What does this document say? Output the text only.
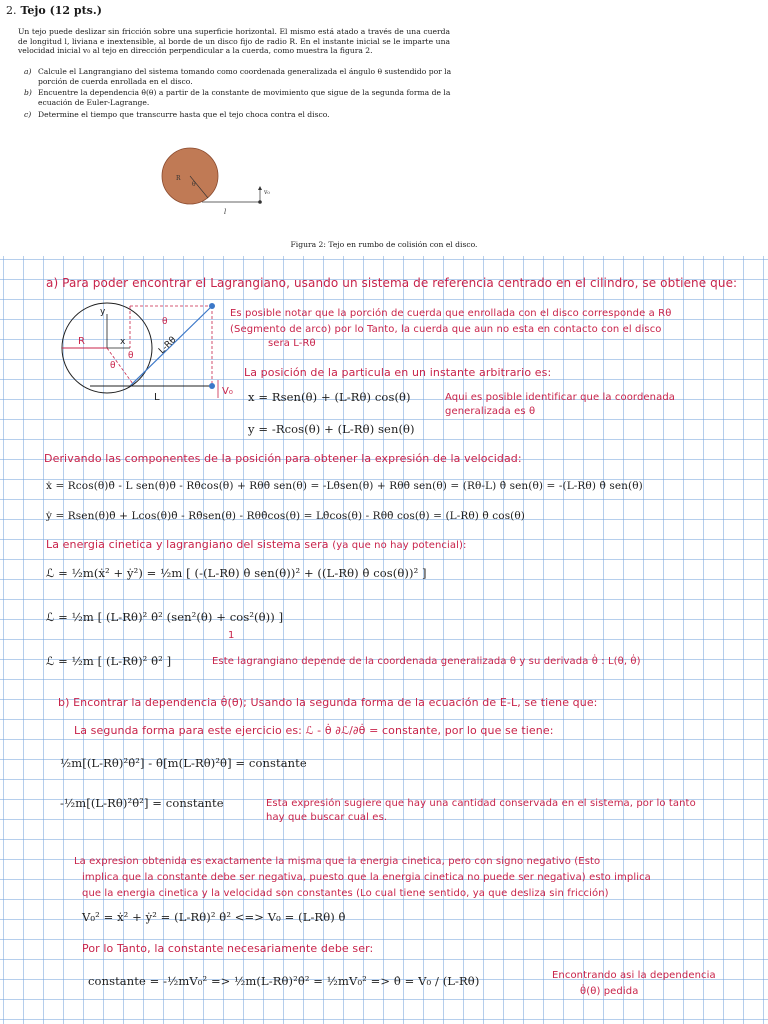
2. Tejo (12 pts.)
Un tejo puede deslizar sin fricción sobre una superficie horizontal. El mismo está atado a través de una cuerda de longitud l, liviana e inextensible, al borde de un disco fijo de radio R. En el instante inicial se le imparte una velocidad inicial v₀ al tejo en dirección perpendicular a la cuerda, como muestra la figura 2.
a) Calcule el Langrangiano del sistema tomando como coordenada generalizada el ángulo θ sustendido por la porción de cuerda enrollada en el disco.
b) Encuentre la dependencia θ̇(θ) a partir de la constante de movimiento que sigue de la segunda forma de la ecuación de Euler-Lagrange.
c) Determine el tiempo que transcurre hasta que el tejo choca contra el disco.
θ
R
l
v₀
Figura 2: Tejo en rumbo de colisión con el disco.
a) Para poder encontrar el Lagrangiano, usando un sistema de referencia centrado en el cilindro, se obtiene que:
y
x
R
θ
θ
θ
L-Rθ
L
V₀
Es posible notar que la porción de cuerda que enrollada con el disco corresponde a Rθ
(Segmento de arco) por lo Tanto, la cuerda que aun no esta en contacto con el disco
sera L-Rθ
La posición de la particula en un instante arbitrario es:
x = Rsen(θ) + (L-Rθ) cos(θ)
y = -Rcos(θ) + (L-Rθ) sen(θ)
Aqui es posible identificar que la coordenada
generalizada es θ
Derivando las componentes de la posición para obtener la expresión de la velocidad:
ẋ = Rcos(θ)θ̇ - L sen(θ)θ̇ - Rθ̇cos(θ) + Rθθ̇ sen(θ) = -Lθ̇sen(θ) + Rθθ̇ sen(θ) = (Rθ-L) θ̇ sen(θ) = -(L-Rθ) θ̇ sen(θ)
ẏ = Rsen(θ)θ̇ + Lcos(θ)θ̇ - Rθ̇sen(θ) - Rθθ̇cos(θ) = Lθ̇cos(θ) - Rθθ̇ cos(θ) = (L-Rθ) θ̇ cos(θ)
La energia cinetica y lagrangiano del sistema sera (ya que no hay potencial):
ℒ = ½m(ẋ² + ẏ²) = ½m [ (-(L-Rθ) θ̇ sen(θ))² + ((L-Rθ) θ̇ cos(θ))² ]
ℒ = ½m [ (L-Rθ)² θ̇² (sen²(θ) + cos²(θ)) ]
1
ℒ = ½m [ (L-Rθ)² θ̇² ]	Este lagrangiano depende de la coordenada generalizada θ y su derivada θ̇ : L(θ, θ̇)
b) Encontrar la dependencia θ̇(θ); Usando la segunda forma de la ecuación de E-L, se tiene que:
La segunda forma para este ejercicio es: ℒ - θ̇ ∂ℒ/∂θ̇ = constante, por lo que se tiene:
½m[(L-Rθ)²θ̇²] - θ̇[m(L-Rθ)²θ̇] = constante
-½m[(L-Rθ)²θ̇²] = constante	Esta expresión sugiere que hay una cantidad conservada en el sistema, por lo tanto
hay que buscar cual es.
La expresion obtenida es exactamente la misma que la energia cinetica, pero con signo negativo (Esto
implica que la constante debe ser negativa, puesto que la energia cinetica no puede ser negativa) esto implica
que la energia cinetica y la velocidad son constantes (Lo cual tiene sentido, ya que desliza sin fricción)
V₀² = ẋ² + ẏ² = (L-Rθ)² θ̇² <=> V₀ = (L-Rθ) θ̇
Por lo Tanto, la constante necesariamente debe ser:
constante = -½mV₀² => ½m(L-Rθ)²θ̇² = ½mV₀² => θ̇ = V₀ / (L-Rθ)	Encontrando asi la dependencia
θ̇(θ) pedida
